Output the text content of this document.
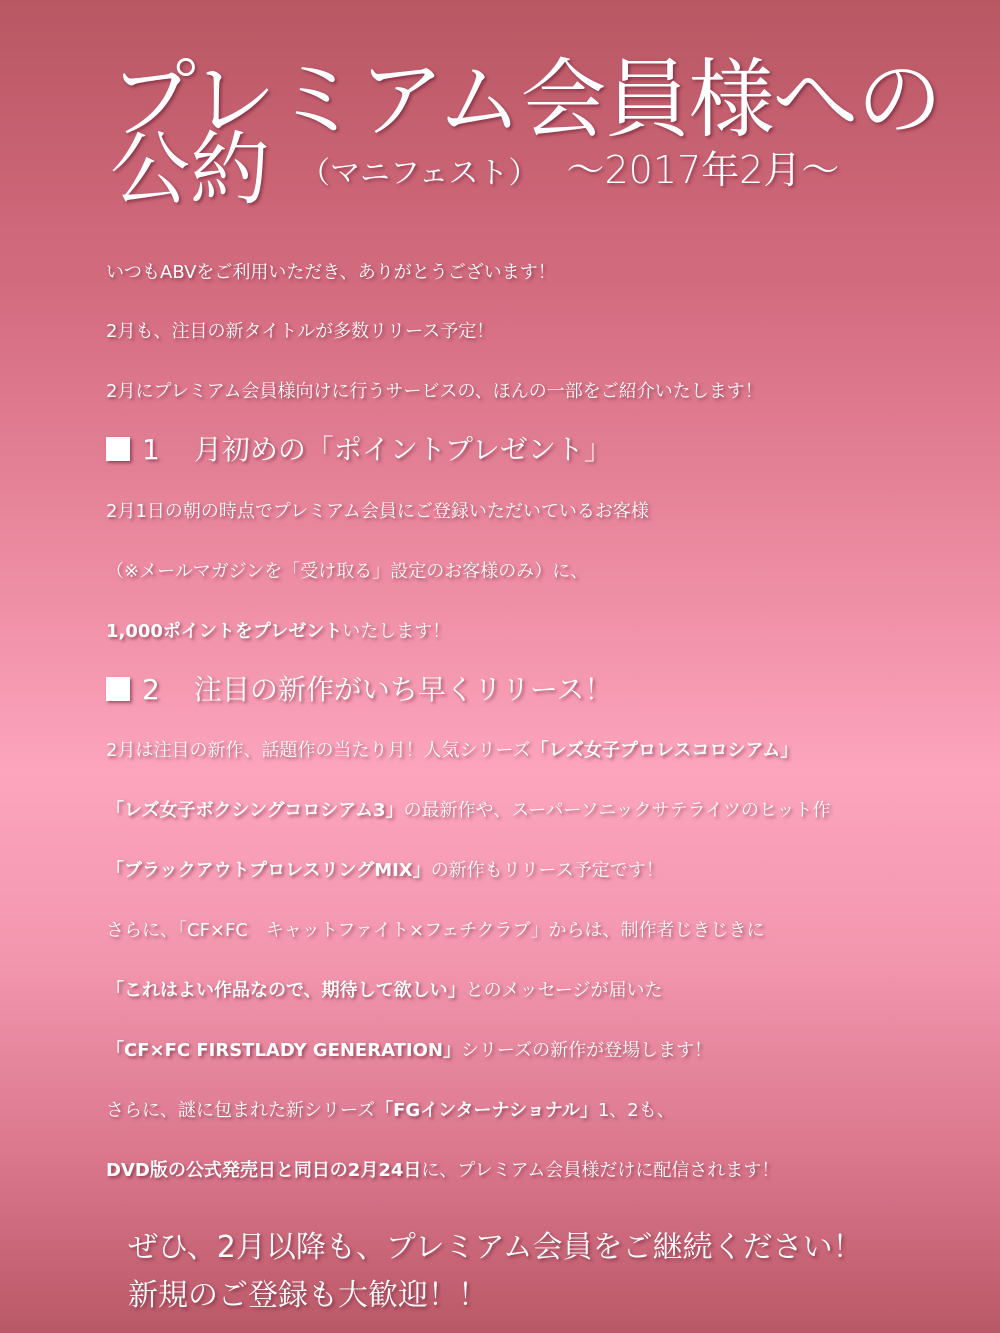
プレミアム会員様への
公約 （マニフェスト） ～2017年2月～

いつもABVをご利用いただき、ありがとうございます！

2月も、注目の新タイトルが多数リリース予定！

2月にプレミアム会員様向けに行うサービスの、ほんの一部をご紹介いたします！

1 月初めの「ポイントプレゼント」

2月1日の朝の時点でプレミアム会員にご登録いただいているお客様

（※メールマガジンを「受け取る」設定のお客様のみ）に、

1,000ポイントをプレゼントいたします！

2 注目の新作がいち早くリリース！

2月は注目の新作、話題作の当たり月！人気シリーズ「レズ女子プロレスコロシアム」

「レズ女子ボクシングコロシアム3」の最新作や、スーパーソニックサテライツのヒット作

「ブラックアウトプロレスリングMIX」の新作もリリース予定です！

さらに、「CF×FC　キャットファイト×フェチクラブ」からは、制作者じきじきに

「これはよい作品なので、期待して欲しい」とのメッセージが届いた

「CF×FC FIRSTLADY GENERATION」シリーズの新作が登場します！

さらに、謎に包まれた新シリーズ「FGインターナショナル」1、2も、

DVD版の公式発売日と同日の2月24日に、プレミアム会員様だけに配信されます！

ぜひ、2月以降も、プレミアム会員をご継続ください！

新規のご登録も大歓迎！！
